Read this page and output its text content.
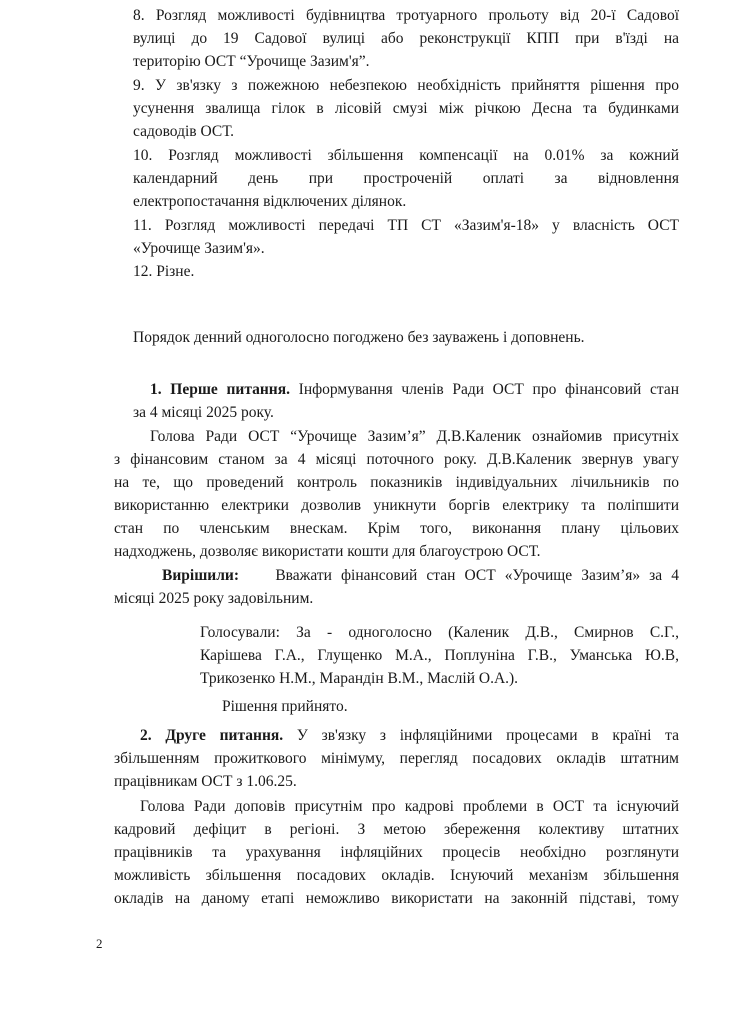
8. Розгляд можливості будівництва тротуарного прольоту від 20-ї Садової
вулиці до 19 Садової вулиці або реконструкції КПП при в'їзді на
територію ОСТ “Урочище Зазим'я”.
9. У зв'язку з пожежною небезпекою необхідність прийняття рішення про
усунення звалища гілок в лісовій смузі між річкою Десна та будинками
садоводів ОСТ.
10. Розгляд можливості збільшення компенсації на 0.01% за кожний
календарний день при простроченій оплаті за відновлення
електропостачання відключених ділянок.
11. Розгляд можливості передачі ТП СТ «Зазим'я-18» у власність ОСТ
«Урочище Зазим'я».
12. Різне.
Порядок денний одноголосно погоджено без зауважень і доповнень.
1. Перше питання. Інформування членів Ради ОСТ про фінансовий стан
за 4 місяці 2025 року.
Голова Ради ОСТ “Урочище Зазим’я” Д.В.Каленик ознайомив присутніх
з фінансовим станом за 4 місяці поточного року. Д.В.Каленик звернув увагу
на те, що проведений контроль показників індивідуальних лічильників по
використанню електрики дозволив уникнути боргів електрику та поліпшити
стан по членським внескам. Крім того, виконання плану цільових
надходжень, дозволяє використати кошти для благоустрою ОСТ.
Вирішили: Вважати фінансовий стан ОСТ «Урочище Зазим’я» за 4
місяці 2025 року задовільним.
Голосували: За - одноголосно (Каленик Д.В., Смирнов С.Г.,
Карішева Г.А., Глущенко М.А., Поплуніна Г.В., Уманська Ю.В,
Трикозенко Н.М., Марандін В.М., Маслій О.А.).
Рішення прийнято.
2. Друге питання. У зв'язку з інфляційними процесами в країні та
збільшенням прожиткового мінімуму, перегляд посадових окладів штатним
працівникам ОСТ з 1.06.25.
Голова Ради доповів присутнім про кадрові проблеми в ОСТ та існуючий
кадровий дефіцит в регіоні. З метою збереження колективу штатних
працівників та урахування інфляційних процесів необхідно розглянути
можливість збільшення посадових окладів. Існуючий механізм збільшення
окладів на даному етапі неможливо використати на законній підставі, тому
2
